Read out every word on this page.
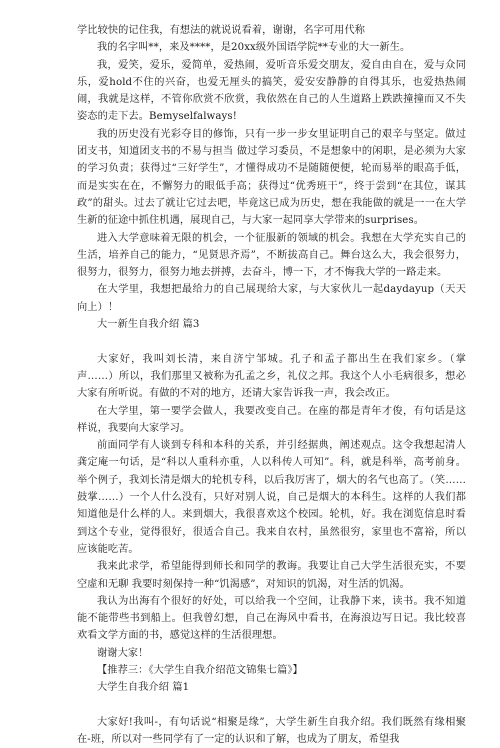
学比较快的记住我，有想法的就说说看着，谢谢，名字可用代称
我的名字叫**，来及****，是20xx级外国语学院**专业的大一新生。
我，爱笑，爱乐，爱简单，爱热闹，爱听音乐爱交朋友，爱自由自在，爱与众同乐，爱hold不住的兴奋，也爱无厘头的搞笑，爱安安静静的自得其乐，也爱热热闹闹，我就是这样，不管你欣赏不欣赏，我依然在自己的人生道路上跌跌撞撞而又不失姿态的走下去。Bemyselfalways!
我的历史没有光彩夺目的修饰，只有一步一步女里证明自己的艰辛与坚定。做过团支书，知道团支书的不易与担当 做过学习委员，不是想象中的闲职，是必须为大家的学习负责；获得过“三好学生”，才懂得成功不是随随便便，轮而易举的眼高手低，而是实实在在，不懈努力的眼低手高；获得过“优秀班干”，终于尝到“在其位，谋其政”的甜头。过去了就让它过去吧，毕竟这已成为历史，想在我能做的就是一一在大学生新的征途中抓住机遇，展现自己，与大家一起同享大学带来的surprises。
进入大学意味着无限的机会，一个征服新的领域的机会。我想在大学充实自己的生活，培养自己的能力，“见贤思齐焉”，不断拔高自己。舞台这么大，我会很努力，很努力，很努力，很努力地去拼搏，去奋斗，博一下，才不悔我大学的一路走来。
在大学里，我想把最给力的自己展现给大家，与大家伙儿一起daydayup（天天向上）！
大一新生自我介绍 篇3
大家好，我叫刘长清，来自济宁邹城。孔子和孟子都出生在我们家乡。（掌声……）所以，我们那里又被称为孔孟之乡，礼仪之邦。我这个人小毛病很多，想必大家有所听说。有做的不对的地方，还请大家告诉我一声，我会改正。
在大学里，第一要学会做人，我要改变自己。在座的都是青年才俊，有句话是这样说，我要向大家学习。
前面同学有人谈到专科和本科的关系，并引经据典，阐述观点。这令我想起清人龚定庵一句话，是“科以人重科亦重，人以科传人可知”。科，就是科举，高考前身。举个例子，我刘长清是烟大的轮机专科，以后我厉害了，烟大的名气也高了。（笑……鼓掌……）一个人什么没有，只好对别人说，自己是烟大的本科生。这样的人我们都知道他是什么样的人。来到烟大，我很喜欢这个校园。轮机，好。我在浏览信息时看到这个专业，觉得很好，很适合自己。我来自农村，虽然很穷，家里也不富裕，所以应该能吃苦。
我来此求学，希望能得到师长和同学的教诲。我要让自己大学生活很充实，不要空虚和无聊 我要时刻保持一种“饥渴感”，对知识的饥渴，对生活的饥渴。
我认为出海有个很好的好处，可以给我一个空间，让我静下来，读书。我不知道能不能带些书到船上。但我曾幻想，自己在海风中看书，在海浪边写日记。我比较喜欢看文学方面的书，感觉这样的生活很理想。
谢谢大家！
【推荐三：《大学生自我介绍范文锦集七篇》】
大学生自我介绍 篇1
大家好!我叫-，有句话说“相聚是缘”，大学生新生自我介绍。我们既然有缘相聚在-班，所以对一些同学有了一定的认识和了解，也成为了朋友，希望我
